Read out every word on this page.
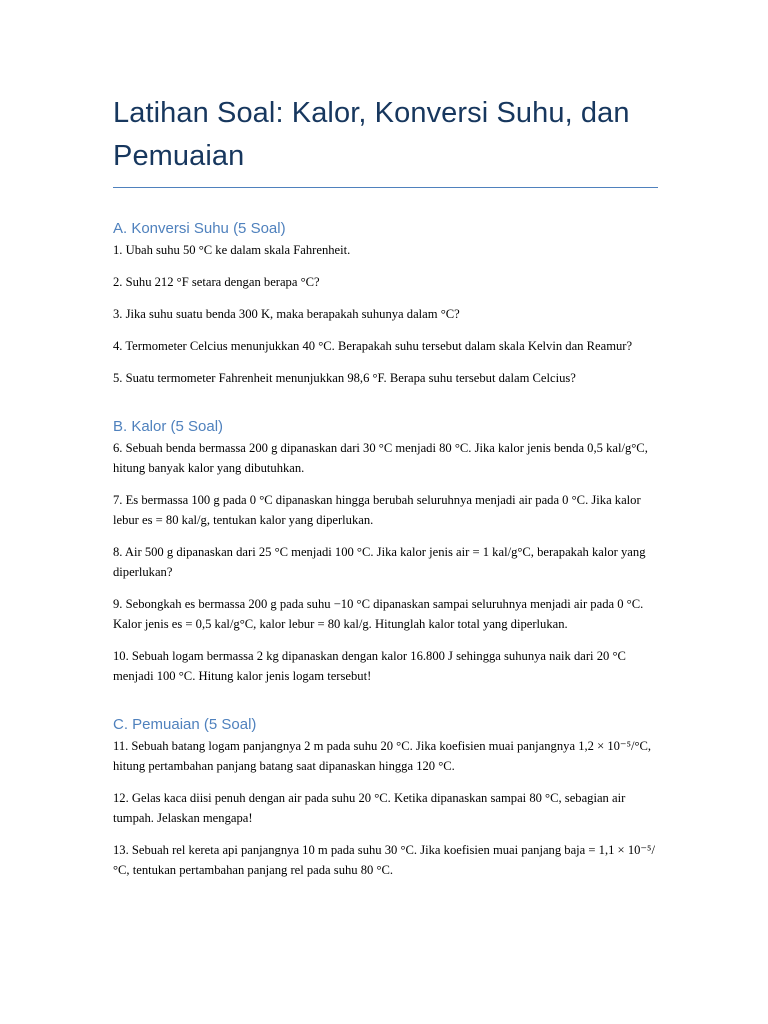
Latihan Soal: Kalor, Konversi Suhu, dan Pemuaian
A. Konversi Suhu (5 Soal)

1. Ubah suhu 50 °C ke dalam skala Fahrenheit.

2. Suhu 212 °F setara dengan berapa °C?

3. Jika suhu suatu benda 300 K, maka berapakah suhunya dalam °C?

4. Termometer Celcius menunjukkan 40 °C. Berapakah suhu tersebut dalam skala Kelvin dan Reamur?

5. Suatu termometer Fahrenheit menunjukkan 98,6 °F. Berapa suhu tersebut dalam Celcius?

B. Kalor (5 Soal)

6. Sebuah benda bermassa 200 g dipanaskan dari 30 °C menjadi 80 °C. Jika kalor jenis benda 0,5 kal/g°C, hitung banyak kalor yang dibutuhkan.

7. Es bermassa 100 g pada 0 °C dipanaskan hingga berubah seluruhnya menjadi air pada 0 °C. Jika kalor lebur es = 80 kal/g, tentukan kalor yang diperlukan.

8. Air 500 g dipanaskan dari 25 °C menjadi 100 °C. Jika kalor jenis air = 1 kal/g°C, berapakah kalor yang diperlukan?

9. Sebongkah es bermassa 200 g pada suhu −10 °C dipanaskan sampai seluruhnya menjadi air pada 0 °C. Kalor jenis es = 0,5 kal/g°C, kalor lebur = 80 kal/g. Hitunglah kalor total yang diperlukan.

10. Sebuah logam bermassa 2 kg dipanaskan dengan kalor 16.800 J sehingga suhunya naik dari 20 °C menjadi 100 °C. Hitung kalor jenis logam tersebut!

C. Pemuaian (5 Soal)

11. Sebuah batang logam panjangnya 2 m pada suhu 20 °C. Jika koefisien muai panjangnya 1,2 × 10⁻⁵/°C, hitung pertambahan panjang batang saat dipanaskan hingga 120 °C.

12. Gelas kaca diisi penuh dengan air pada suhu 20 °C. Ketika dipanaskan sampai 80 °C, sebagian air tumpah. Jelaskan mengapa!

13. Sebuah rel kereta api panjangnya 10 m pada suhu 30 °C. Jika koefisien muai panjang baja = 1,1 × 10⁻⁵/°C, tentukan pertambahan panjang rel pada suhu 80 °C.
